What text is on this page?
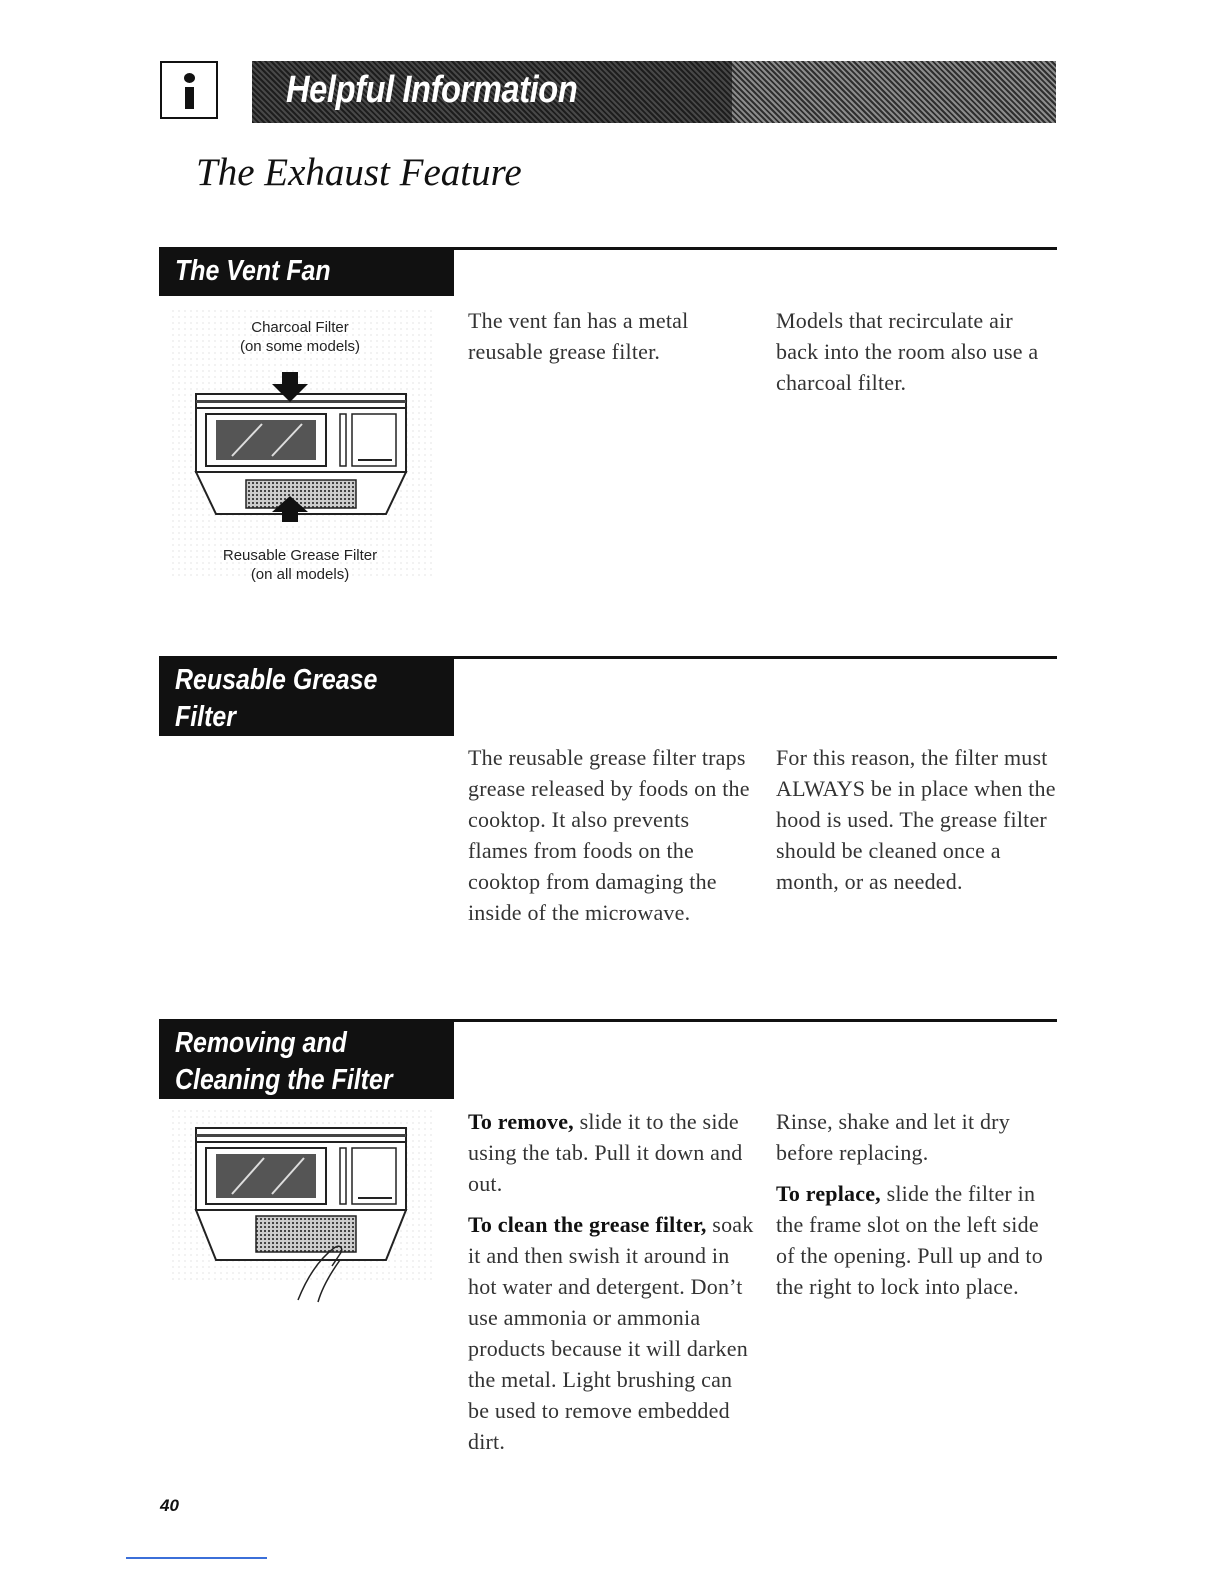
Helpful Information
The Exhaust Feature
The Vent Fan
Charcoal Filter
(on some models)
Reusable Grease Filter
(on all models)

The vent fan has a metal reusable grease filter.

Models that recirculate air back into the room also use a charcoal filter.

Reusable Grease
Filter

The reusable grease filter traps grease released by foods on the cooktop. It also prevents flames from foods on the cooktop from damaging the inside of the microwave.

For this reason, the filter must ALWAYS be in place when the hood is used. The grease filter should be cleaned once a month, or as needed.

Removing and
Cleaning the Filter

To remove, slide it to the side using the tab. Pull it down and out.

To clean the grease filter, soak it and then swish it around in hot water and detergent. Don’t use ammonia or ammonia products because it will darken the metal. Light brushing can be used to remove embedded dirt.

Rinse, shake and let it dry before replacing.

To replace, slide the filter in the frame slot on the left side of the opening. Pull up and to the right to lock into place.

40
